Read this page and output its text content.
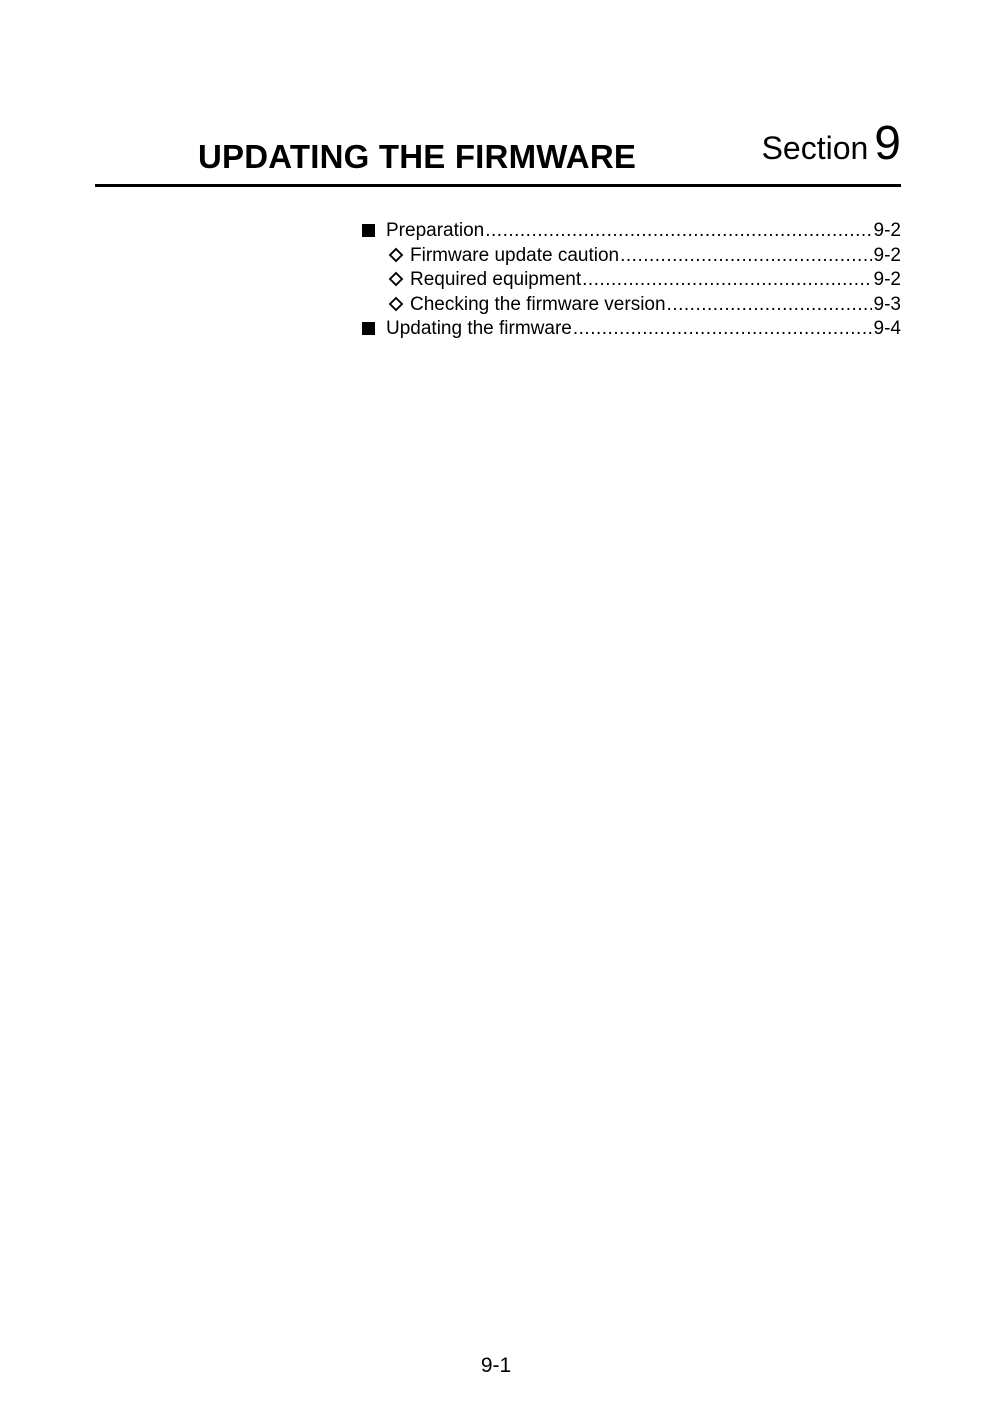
UPDATING THE FIRMWARE	Section 9
Preparation .....	9-2
Firmware update caution .....	9-2
Required equipment .....	9-2
Checking the firmware version .....	9-3
Updating the firmware .....	9-4
9-1
